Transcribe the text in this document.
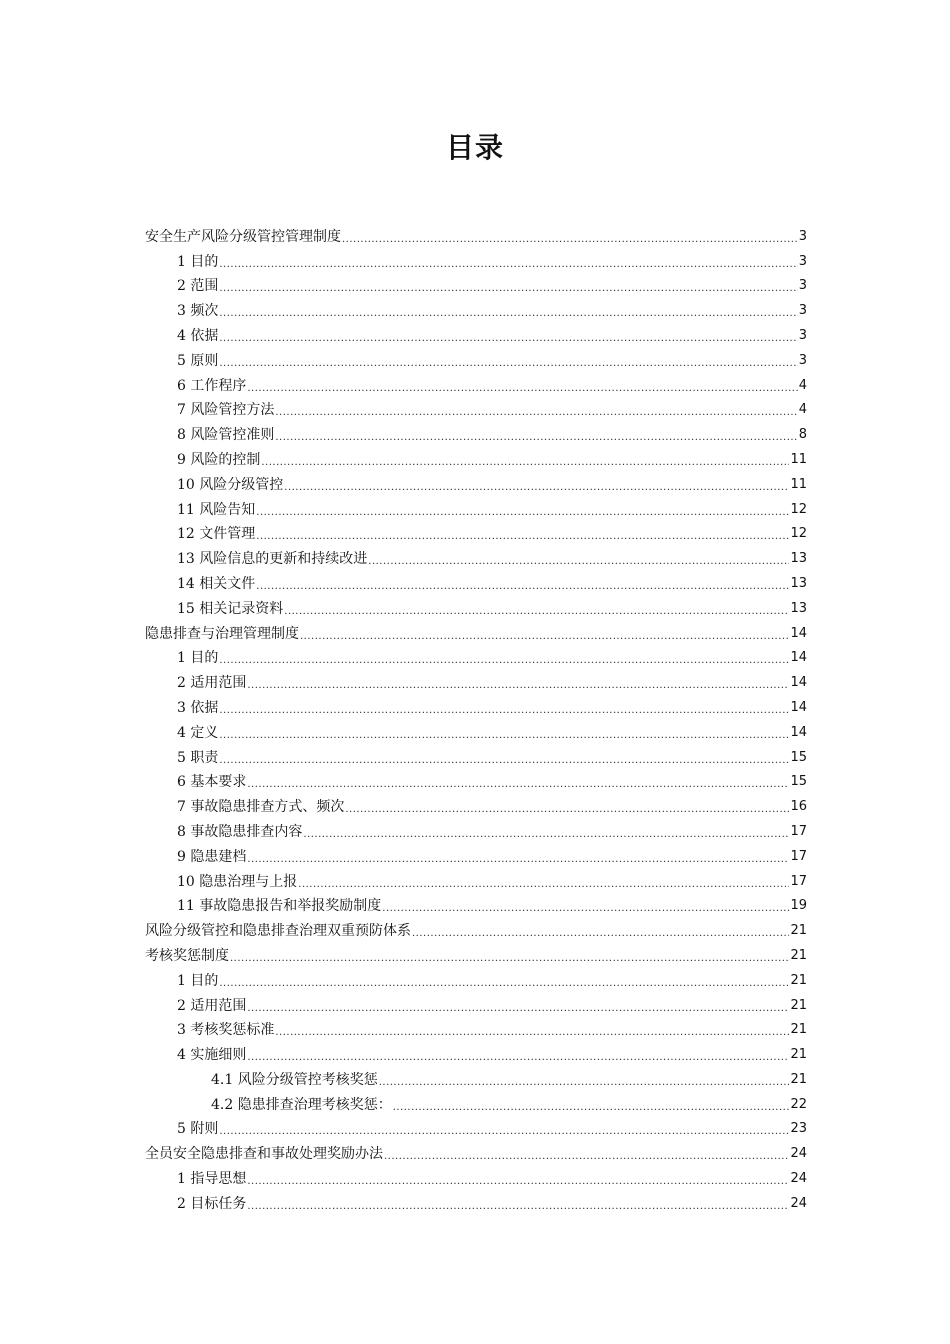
目录
安全生产风险分级管控管理制度 .....	3
1 目的 .....	3
2 范围 .....	3
3 频次 .....	3
4 依据 .....	3
5 原则 .....	3
6 工作程序 .....	4
7 风险管控方法 .....	4
8 风险管控准则 .....	8
9 风险的控制 .....	11
10 风险分级管控 .....	11
11 风险告知 .....	12
12 文件管理 .....	12
13 风险信息的更新和持续改进 .....	13
14 相关文件 .....	13
15 相关记录资料 .....	13
隐患排查与治理管理制度 .....	14
1 目的 .....	14
2 适用范围 .....	14
3 依据 .....	14
4 定义 .....	14
5 职责 .....	15
6 基本要求 .....	15
7 事故隐患排查方式、频次 .....	16
8 事故隐患排查内容 .....	17
9 隐患建档 .....	17
10 隐患治理与上报 .....	17
11 事故隐患报告和举报奖励制度 .....	19
风险分级管控和隐患排查治理双重预防体系 .....	21
考核奖惩制度 .....	21
1 目的 .....	21
2 适用范围 .....	21
3 考核奖惩标准 .....	21
4 实施细则 .....	21
4.1 风险分级管控考核奖惩 .....	21
4.2 隐患排查治理考核奖惩： .....	22
5 附则 .....	23
全员安全隐患排查和事故处理奖励办法 .....	24
1 指导思想 .....	24
2 目标任务 .....	24
